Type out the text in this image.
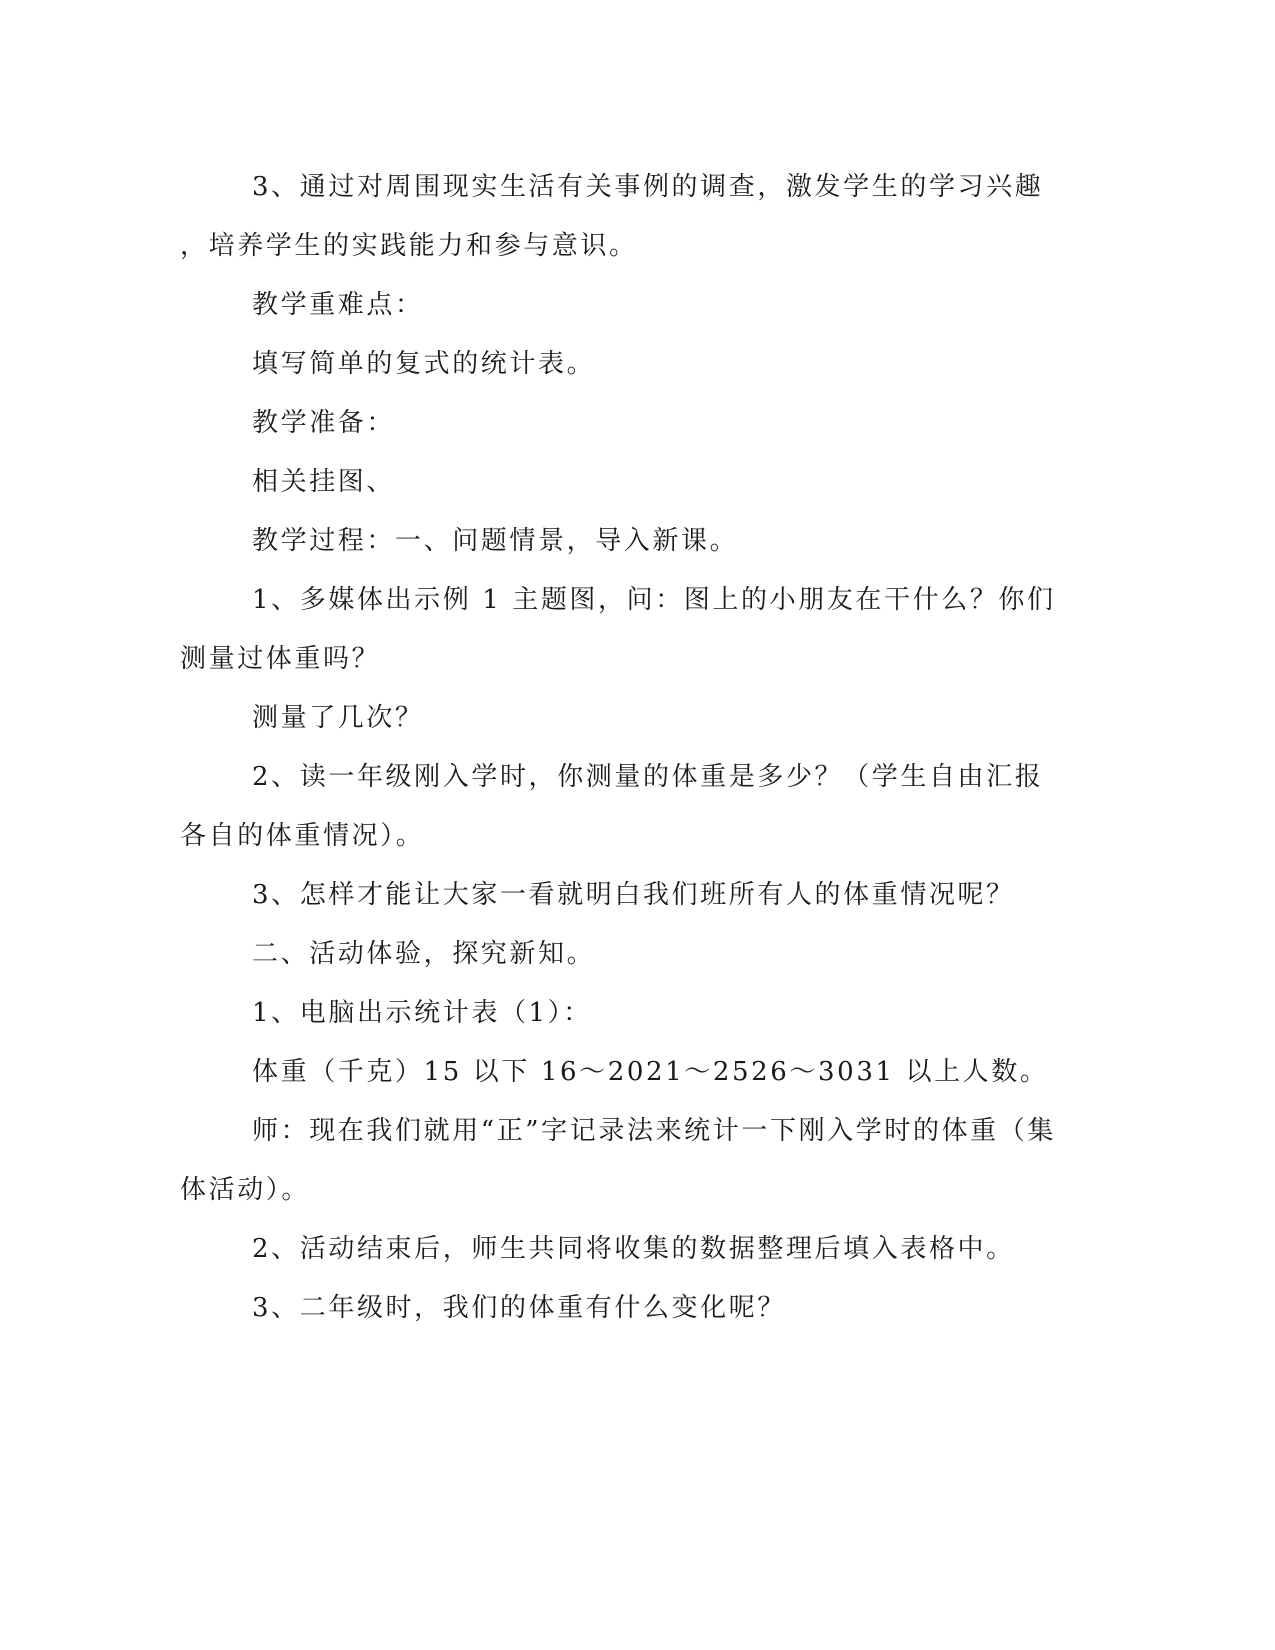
3、通过对周围现实生活有关事例的调查，激发学生的学习兴趣
，培养学生的实践能力和参与意识。
教学重难点：
填写简单的复式的统计表。
教学准备：
相关挂图、
教学过程：一、问题情景，导入新课。
1、多媒体出示例 1 主题图，问：图上的小朋友在干什么？你们
测量过体重吗？
测量了几次？
2、读一年级刚入学时，你测量的体重是多少？（学生自由汇报
各自的体重情况）。
3、怎样才能让大家一看就明白我们班所有人的体重情况呢？
二、活动体验，探究新知。
1、电脑出示统计表（1）：
体重（千克）15 以下 16～2021～2526～3031 以上人数。
师：现在我们就用“正”字记录法来统计一下刚入学时的体重（集
体活动）。
2、活动结束后，师生共同将收集的数据整理后填入表格中。
3、二年级时，我们的体重有什么变化呢？
